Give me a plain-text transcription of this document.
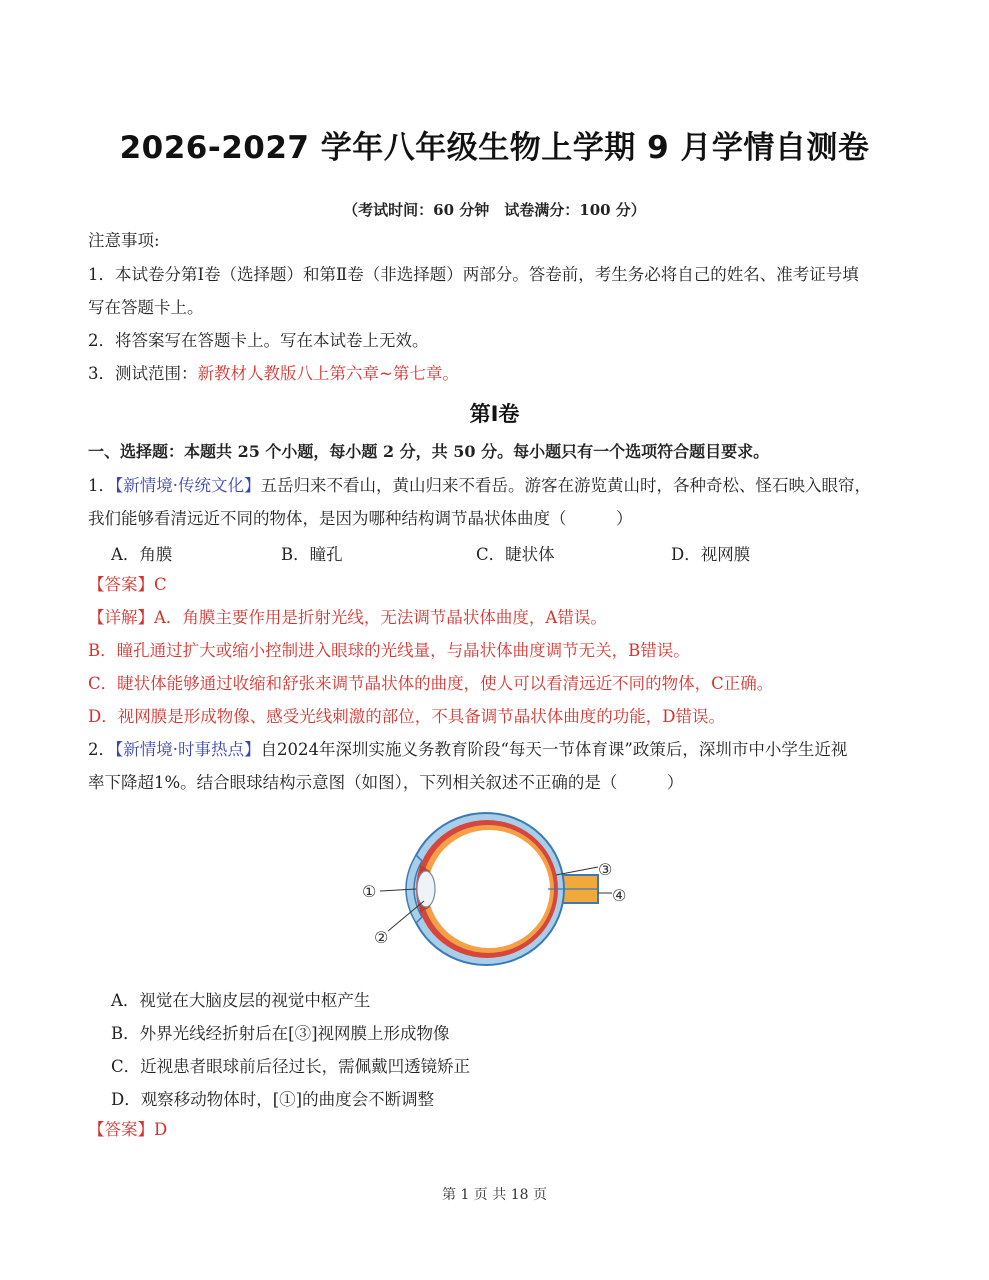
2026-2027 学年八年级生物上学期 9 月学情自测卷
（考试时间：60 分钟　试卷满分：100 分）
注意事项:
1．本试卷分第Ⅰ卷（选择题）和第Ⅱ卷（非选择题）两部分。答卷前，考生务必将自己的姓名、准考证号填
写在答题卡上。
2．将答案写在答题卡上。写在本试卷上无效。
3．测试范围：新教材人教版八上第六章~第七章。
第Ⅰ卷
一、选择题：本题共 25 个小题，每小题 2 分，共 50 分。每小题只有一个选项符合题目要求。
1．【新情境·传统文化】五岳归来不看山，黄山归来不看岳。游客在游览黄山时，各种奇松、怪石映入眼帘，
我们能够看清远近不同的物体，是因为哪种结构调节晶状体曲度（　　　）
A．角膜	B．瞳孔	C．睫状体	D．视网膜
【答案】C
【详解】A．角膜主要作用是折射光线，无法调节晶状体曲度，A错误。
B．瞳孔通过扩大或缩小控制进入眼球的光线量，与晶状体曲度调节无关，B错误。
C．睫状体能够通过收缩和舒张来调节晶状体的曲度，使人可以看清远近不同的物体，C正确。
D．视网膜是形成物像、感受光线刺激的部位，不具备调节晶状体曲度的功能，D错误。
2．【新情境·时事热点】自2024年深圳实施义务教育阶段“每天一节体育课”政策后，深圳市中小学生近视
率下降超1%。结合眼球结构示意图（如图），下列相关叙述不正确的是（　　　）
①
②
③
④
A．视觉在大脑皮层的视觉中枢产生
B．外界光线经折射后在[③]视网膜上形成物像
C．近视患者眼球前后径过长，需佩戴凹透镜矫正
D．观察移动物体时，[①]的曲度会不断调整
【答案】D
第 1 页 共 18 页
